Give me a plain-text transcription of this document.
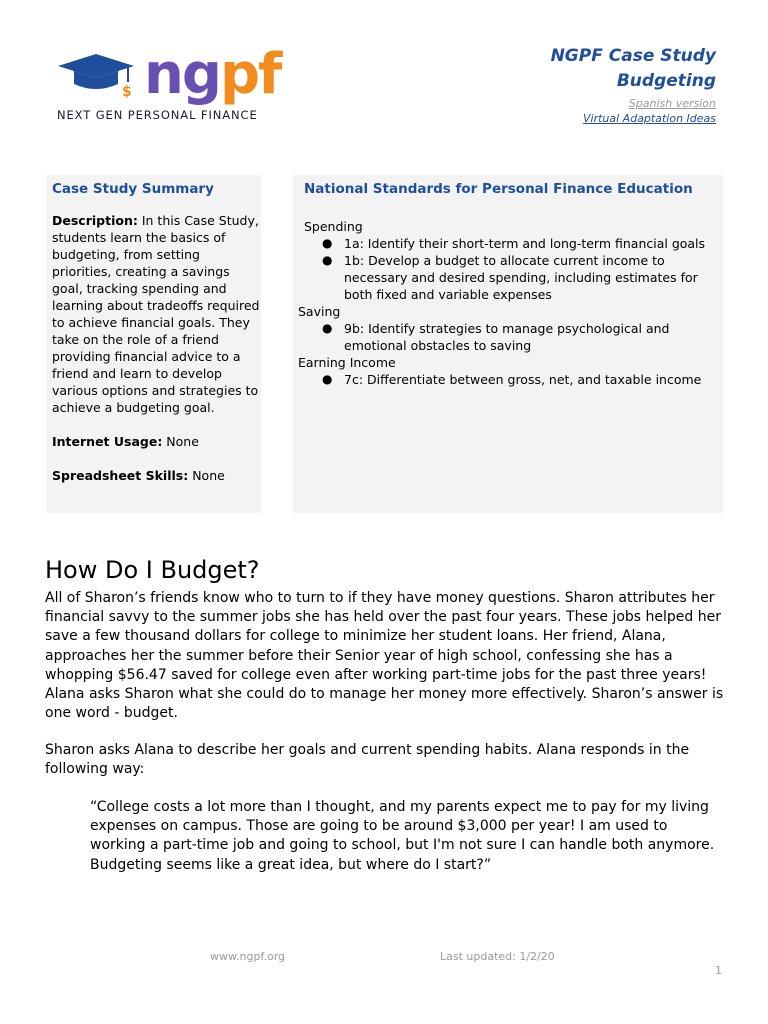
$ ngpf
NEXT GEN PERSONAL FINANCE
NGPF Case Study
Budgeting
Spanish version
Virtual Adaptation Ideas
Case Study Summary

Description: In this Case Study, students learn the basics of budgeting, from setting priorities, creating a savings goal, tracking spending and learning about tradeoffs required to achieve financial goals. They take on the role of a friend providing financial advice to a friend and learn to develop various options and strategies to achieve a budgeting goal.

Internet Usage: None

Spreadsheet Skills: None

National Standards for Personal Finance Education
Spending
● 1a: Identify their short-term and long-term financial goals
● 1b: Develop a budget to allocate current income to necessary and desired spending, including estimates for both fixed and variable expenses
Saving
● 9b: Identify strategies to manage psychological and emotional obstacles to saving
Earning Income
● 7c: Differentiate between gross, net, and taxable income
How Do I Budget?

All of Sharon’s friends know who to turn to if they have money questions. Sharon attributes her financial savvy to the summer jobs she has held over the past four years. These jobs helped her save a few thousand dollars for college to minimize her student loans. Her friend, Alana, approaches her the summer before their Senior year of high school, confessing she has a whopping $56.47 saved for college even after working part-time jobs for the past three years! Alana asks Sharon what she could do to manage her money more effectively. Sharon’s answer is one word - budget.

Sharon asks Alana to describe her goals and current spending habits. Alana responds in the following way:

“College costs a lot more than I thought, and my parents expect me to pay for my living expenses on campus. Those are going to be around $3,000 per year! I am used to working a part-time job and going to school, but I'm not sure I can handle both anymore. Budgeting seems like a great idea, but where do I start?”

www.ngpf.org	Last updated: 1/2/20
1
